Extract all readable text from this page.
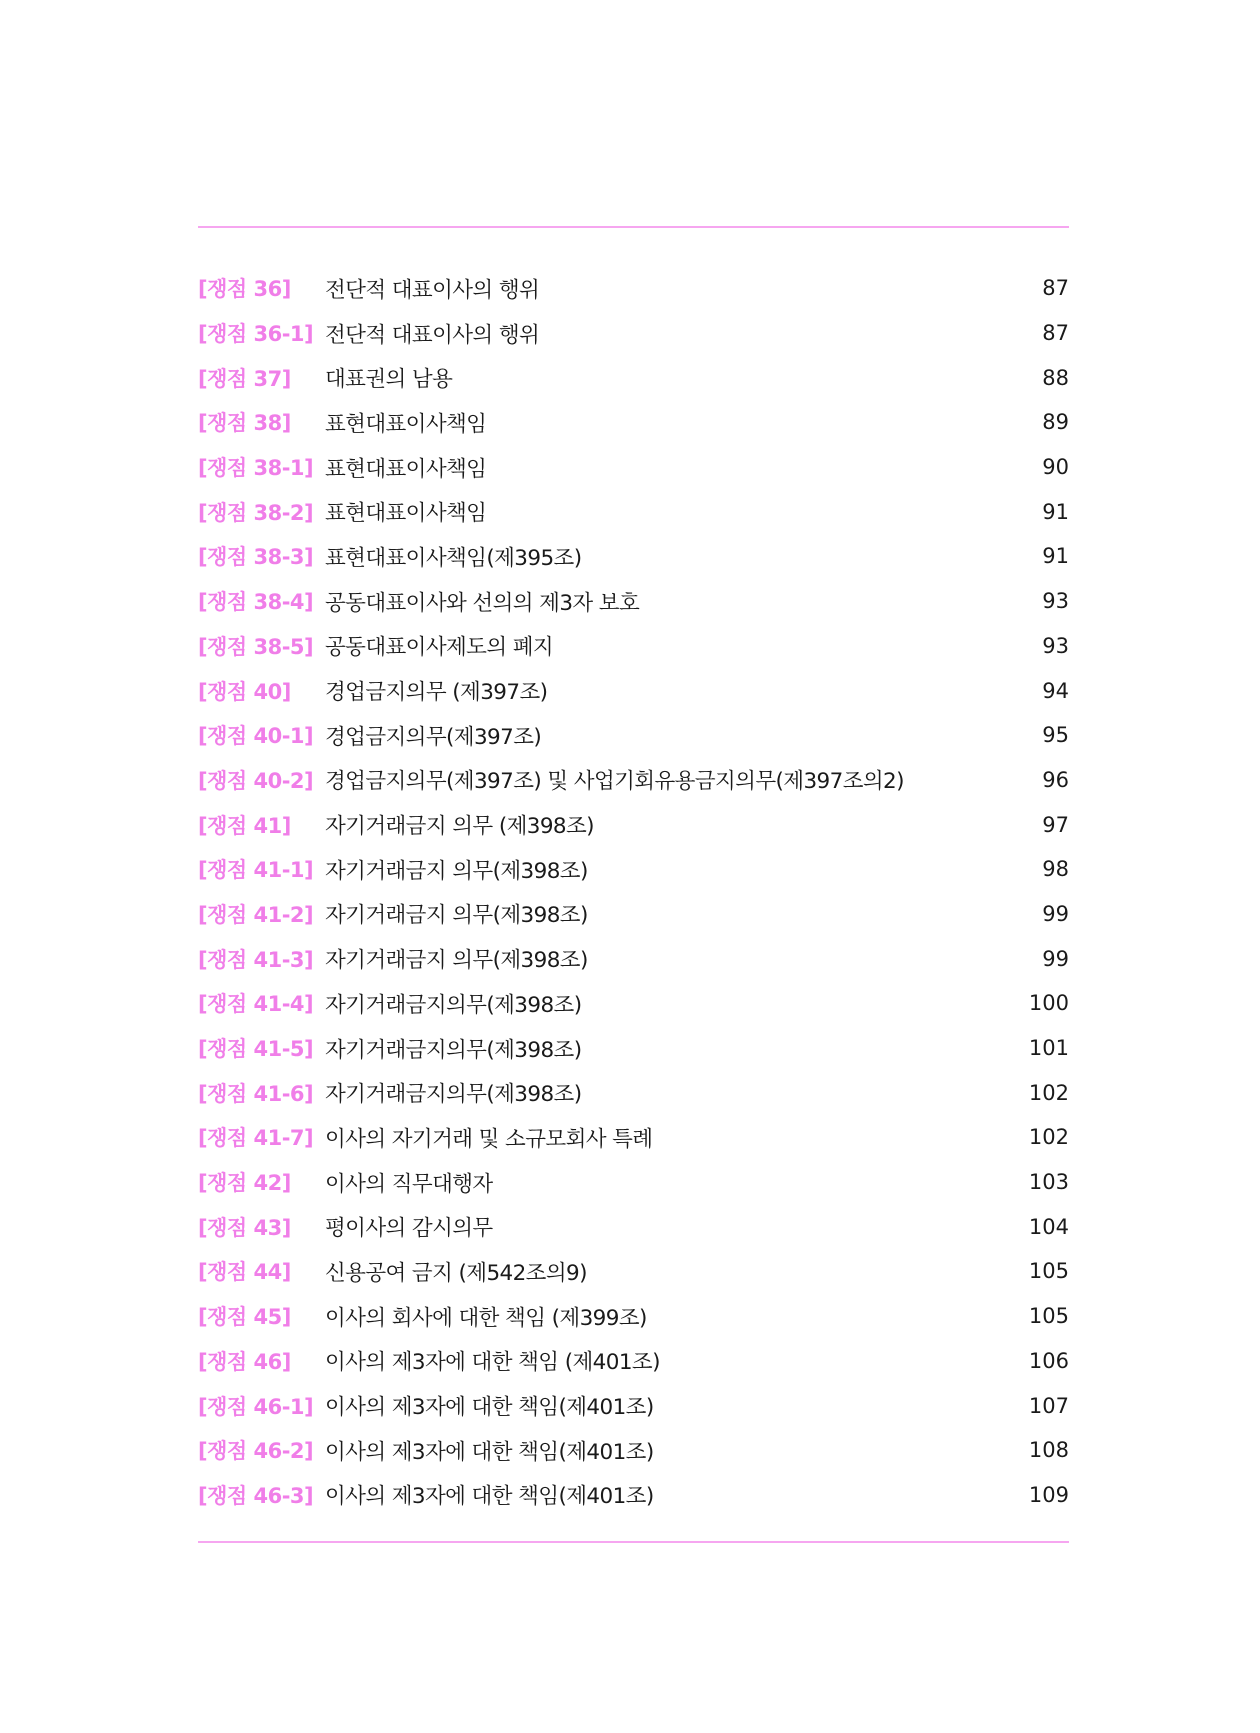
[쟁점 36]	전단적 대표이사의 행위	87
[쟁점 36-1] 전단적 대표이사의 행위	87
[쟁점 37]	대표권의 남용	88
[쟁점 38]	표현대표이사책임	89
[쟁점 38-1] 표현대표이사책임	90
[쟁점 38-2] 표현대표이사책임	91
[쟁점 38-3] 표현대표이사책임(제395조)	91
[쟁점 38-4] 공동대표이사와 선의의 제3자 보호	93
[쟁점 38-5] 공동대표이사제도의 폐지	93
[쟁점 40]	경업금지의무 (제397조)	94
[쟁점 40-1] 경업금지의무(제397조)	95
[쟁점 40-2] 경업금지의무(제397조) 및 사업기회유용금지의무(제397조의2)	96
[쟁점 41]	자기거래금지 의무 (제398조)	97
[쟁점 41-1] 자기거래금지 의무(제398조)	98
[쟁점 41-2] 자기거래금지 의무(제398조)	99
[쟁점 41-3] 자기거래금지 의무(제398조)	99
[쟁점 41-4] 자기거래금지의무(제398조)	100
[쟁점 41-5] 자기거래금지의무(제398조)	101
[쟁점 41-6] 자기거래금지의무(제398조)	102
[쟁점 41-7] 이사의 자기거래 및 소규모회사 특례	102
[쟁점 42]	이사의 직무대행자	103
[쟁점 43]	평이사의 감시의무	104
[쟁점 44]	신용공여 금지 (제542조의9)	105
[쟁점 45]	이사의 회사에 대한 책임 (제399조)	105
[쟁점 46]	이사의 제3자에 대한 책임 (제401조)	106
[쟁점 46-1] 이사의 제3자에 대한 책임(제401조)	107
[쟁점 46-2] 이사의 제3자에 대한 책임(제401조)	108
[쟁점 46-3] 이사의 제3자에 대한 책임(제401조)	109
